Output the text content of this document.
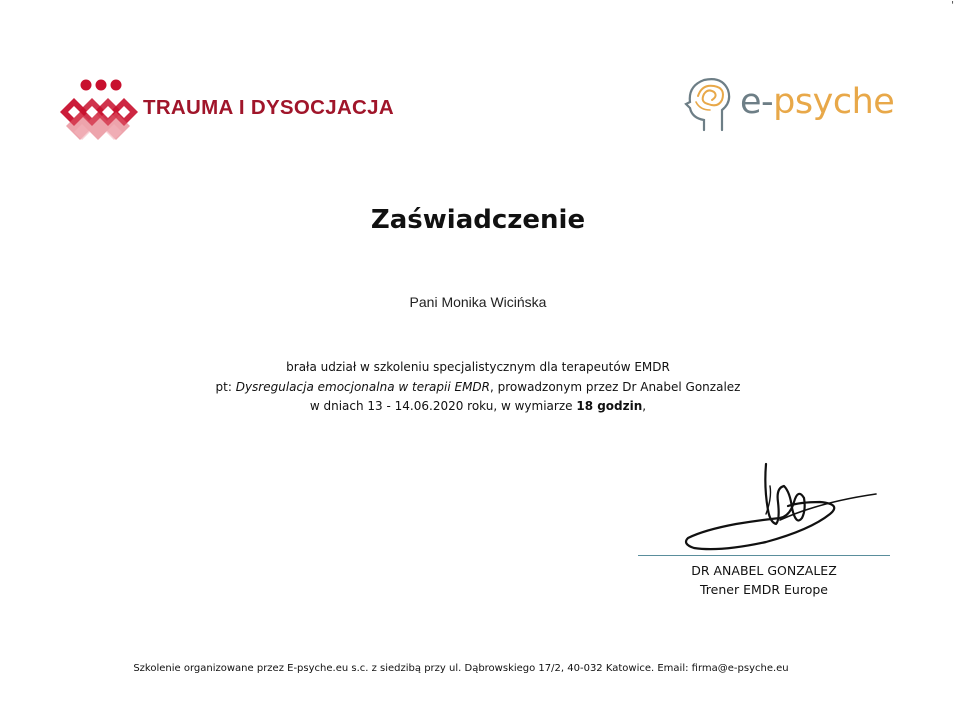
'
TRAUMA I DYSOCJACJA	e-psyche
Zaświadczenie
Pani Monika Wicińska
brała udział w szkoleniu specjalistycznym dla terapeutów EMDR
pt: Dysregulacja emocjonalna w terapii EMDR, prowadzonym przez Dr Anabel Gonzalez
w dniach 13 - 14.06.2020 roku, w wymiarze 18 godzin,
DR ANABEL GONZALEZ
Trener EMDR Europe
Szkolenie organizowane przez E-psyche.eu s.c. z siedzibą przy ul. Dąbrowskiego 17/2, 40-032 Katowice. Email: firma@e-psyche.eu
